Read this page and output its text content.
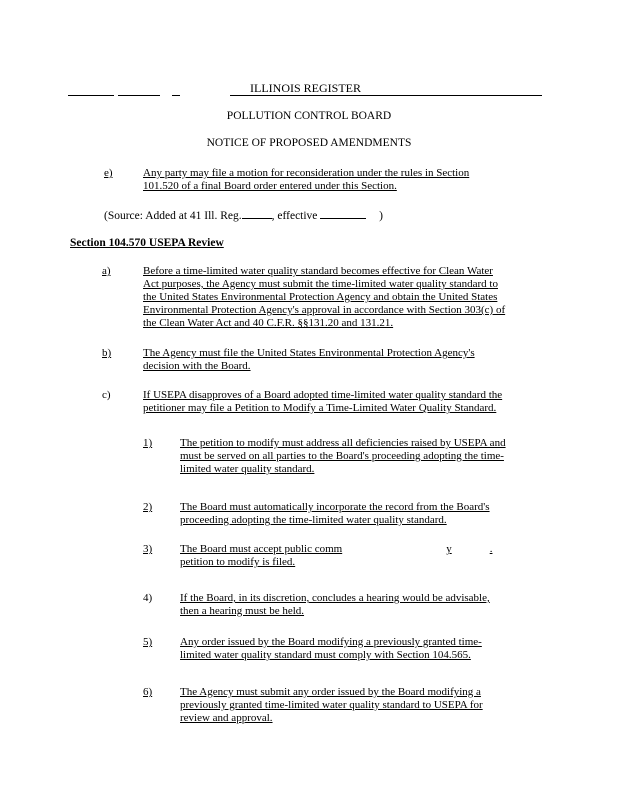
ILLINOIS REGISTER
POLLUTION CONTROL BOARD
NOTICE OF PROPOSED AMENDMENTS
e)	Any party may file a motion for reconsideration under the rules in Section
101.520 of a final Board order entered under this Section.
(Source: Added at 41 Ill. Reg.	, effective	)
Section 104.570 USEPA Review
a)	Before a time-limited water quality standard becomes effective for Clean Water
Act purposes, the Agency must submit the time-limited water quality standard to
the United States Environmental Protection Agency and obtain the United States
Environmental Protection Agency's approval in accordance with Section 303(c) of
the Clean Water Act and 40 C.F.R. §§131.20 and 131.21.
b)	The Agency must file the United States Environmental Protection Agency's
decision with the Board.
c)	If USEPA disapproves of a Board adopted time-limited water quality standard the
petitioner may file a Petition to Modify a Time-Limited Water Quality Standard.
1)	The petition to modify must address all deficiencies raised by USEPA and
must be served on all parties to the Board's proceeding adopting the time-
limited water quality standard.
2)	The Board must automatically incorporate the record from the Board's
proceeding adopting the time-limited water quality standard.
3)	The Board must accept public comm	y	.
petition to modify is filed.
4)	If the Board, in its discretion, concludes a hearing would be advisable,
then a hearing must be held.
5)	Any order issued by the Board modifying a previously granted time-
limited water quality standard must comply with Section 104.565.
6)	The Agency must submit any order issued by the Board modifying a
previously granted time-limited water quality standard to USEPA for
review and approval.
